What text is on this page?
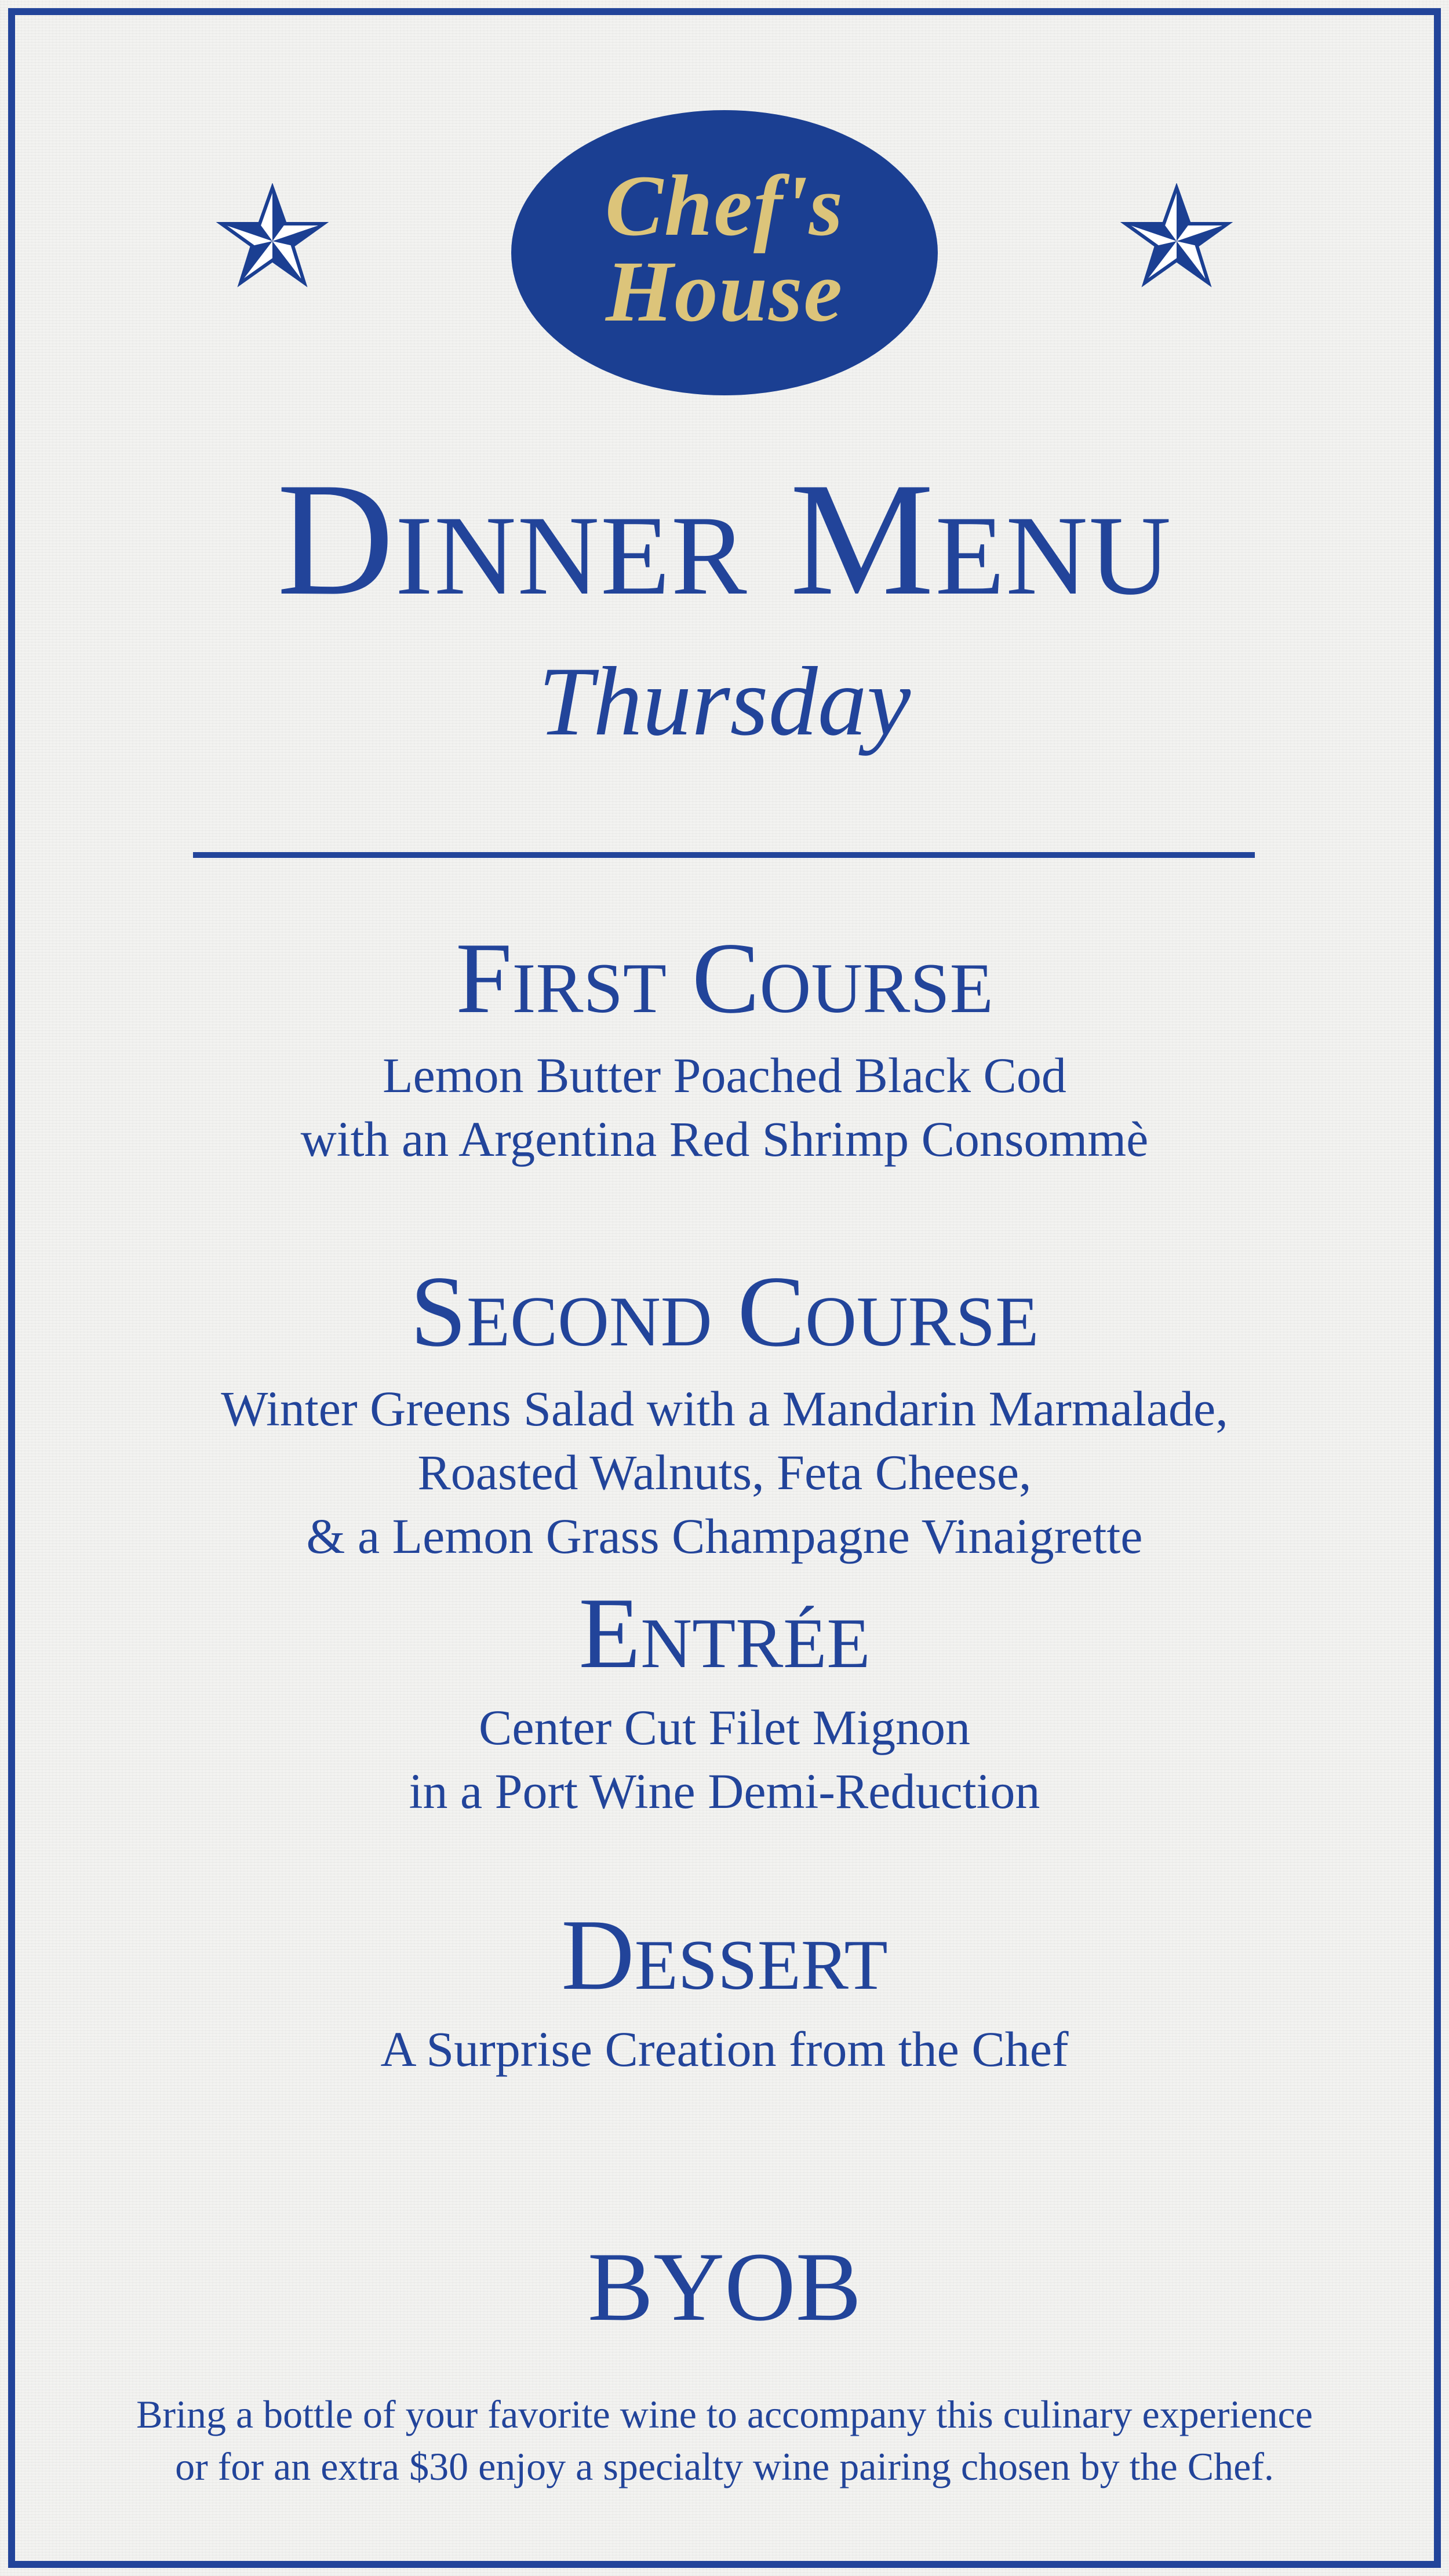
Chef's
House
Dinner Menu
Thursday
First Course
Lemon Butter Poached Black Cod
with an Argentina Red Shrimp Consommè
Second Course
Winter Greens Salad with a Mandarin Marmalade,
Roasted Walnuts, Feta Cheese,
& a Lemon Grass Champagne Vinaigrette
Entrée
Center Cut Filet Mignon
in a Port Wine Demi-Reduction
Dessert
A Surprise Creation from the Chef
BYOB
Bring a bottle of your favorite wine to accompany this culinary experience
or for an extra $30 enjoy a specialty wine pairing chosen by the Chef.
